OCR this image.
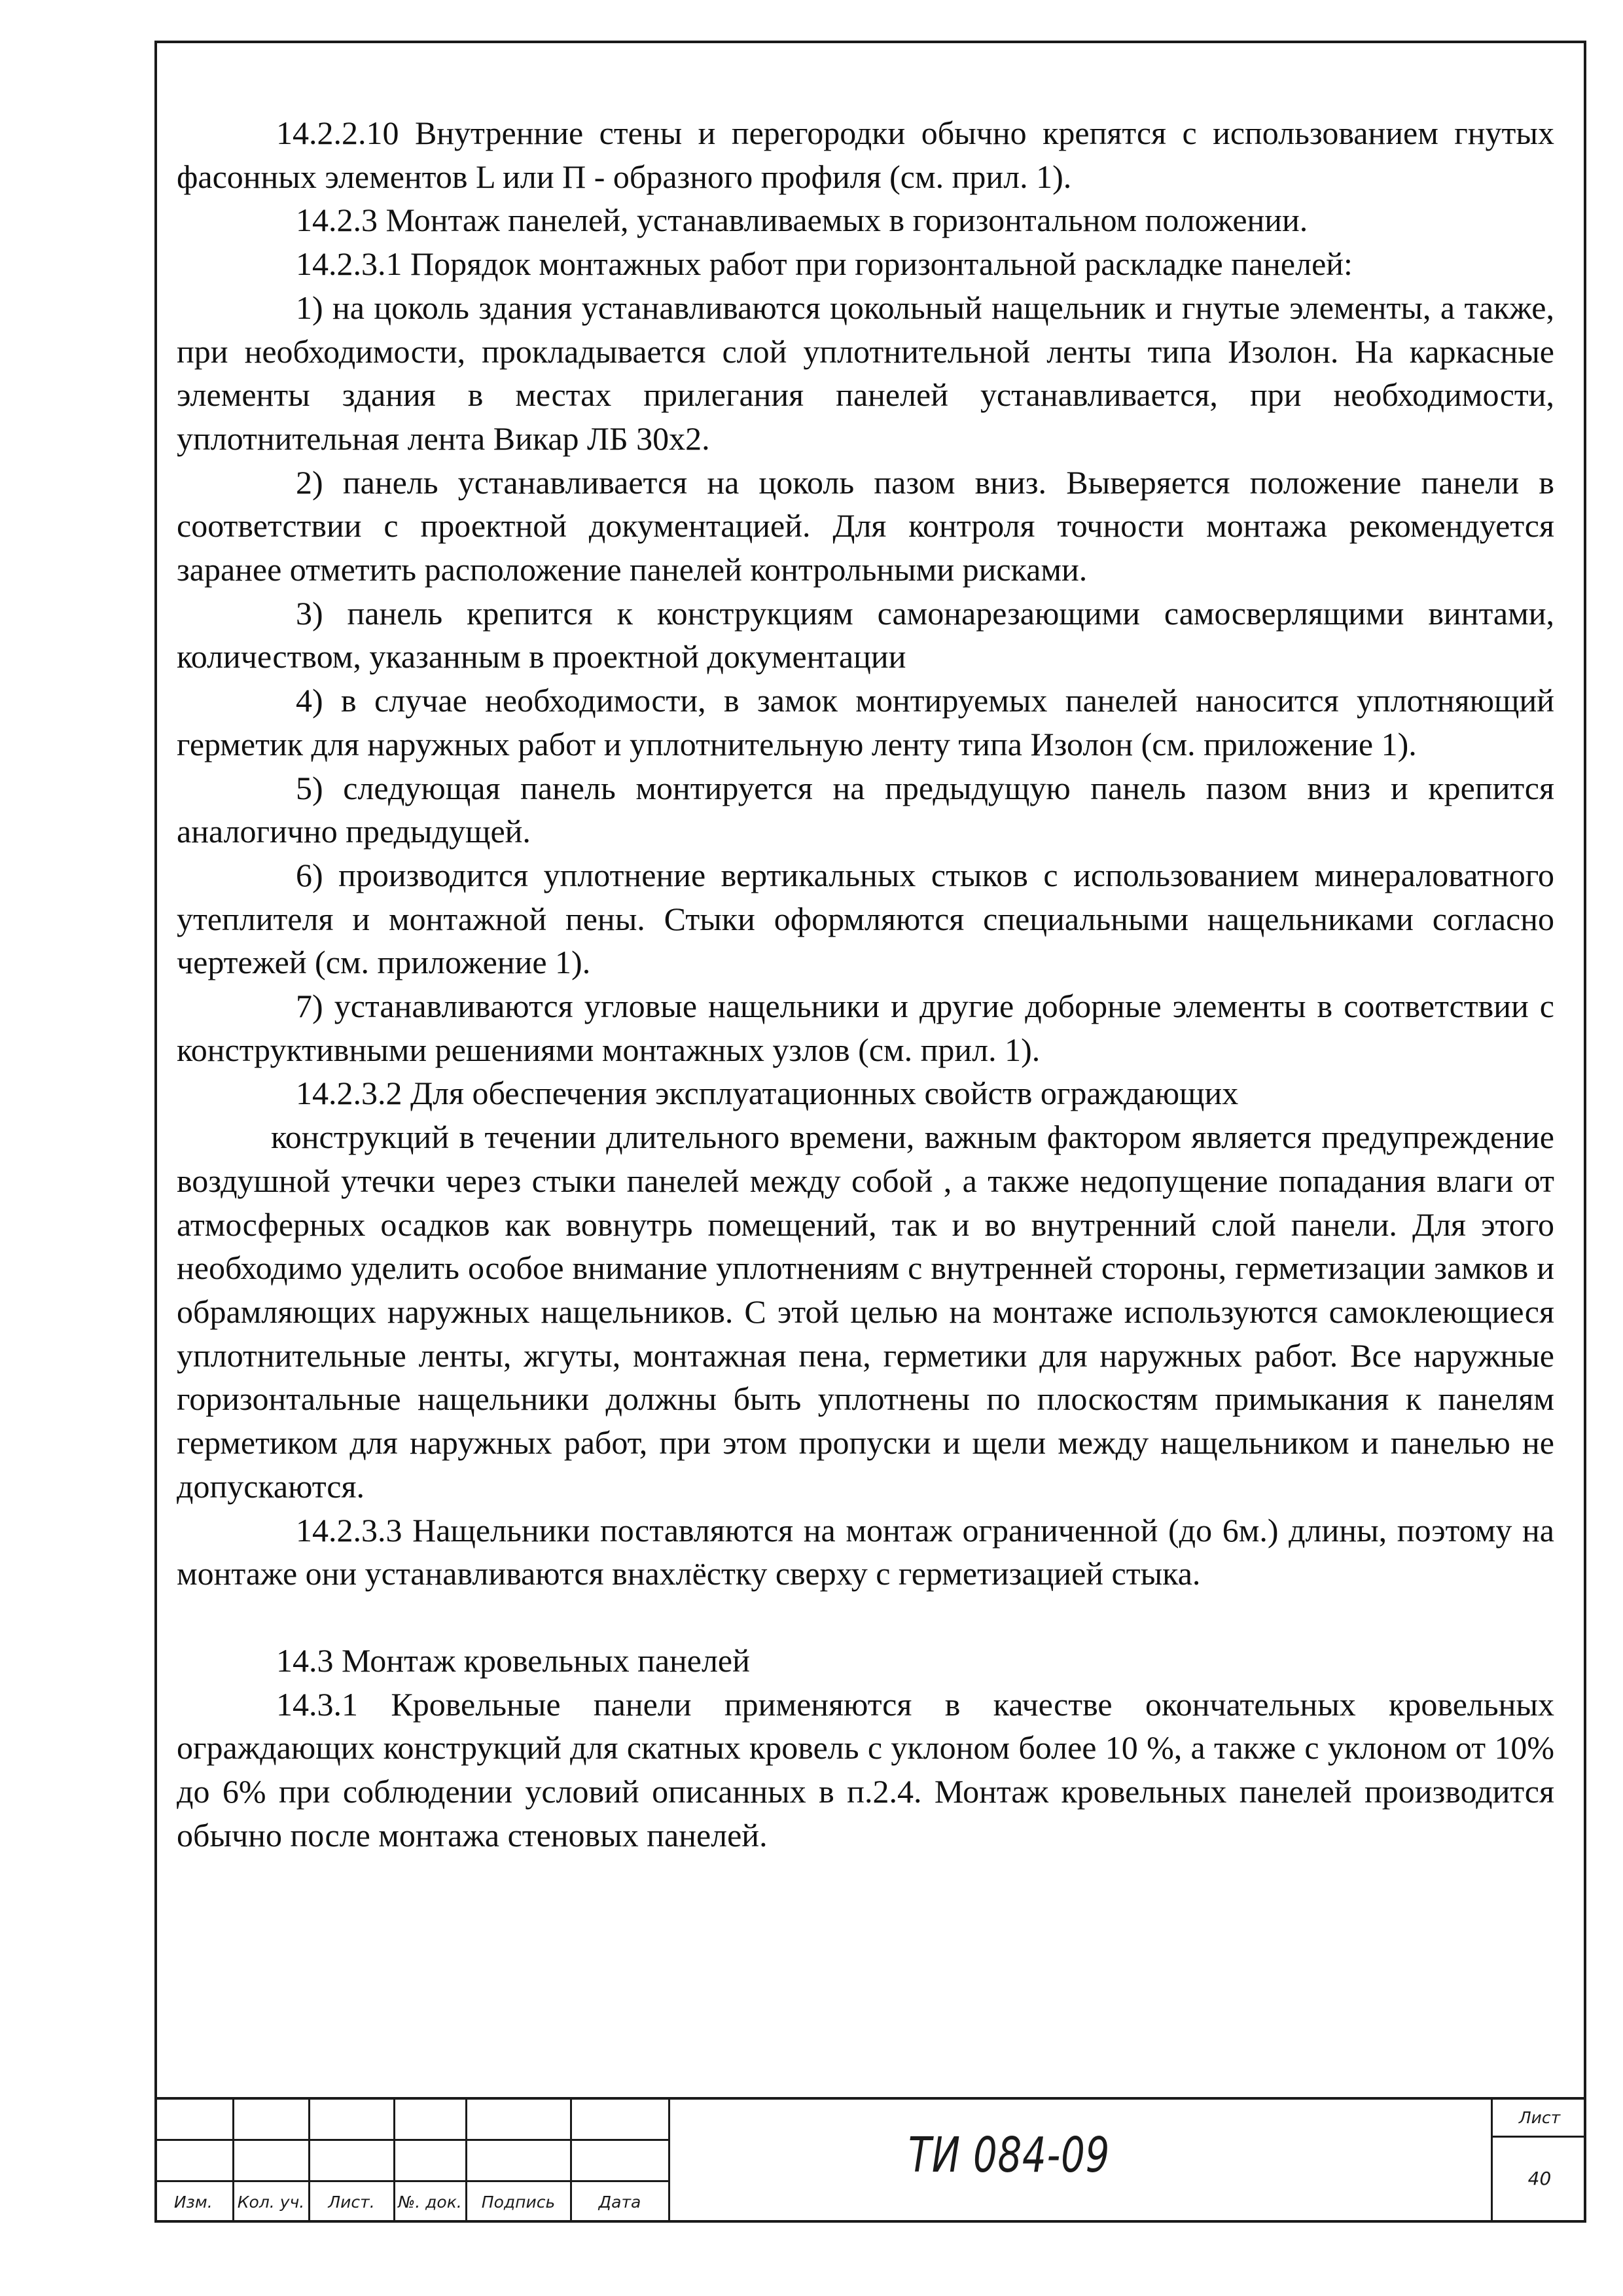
14.2.2.10 Внутренние стены и перегородки обычно крепятся с использованием гнутых фасонных элементов L или П - образного профиля (см. прил. 1).

14.2.3 Монтаж панелей, устанавливаемых в горизонтальном положении.

14.2.3.1 Порядок монтажных работ при горизонтальной раскладке панелей:

1) на цоколь здания устанавливаются цокольный нащельник и гнутые элементы, а также, при необходимости, прокладывается слой уплотнительной ленты типа Изолон. На каркасные элементы здания в местах прилегания панелей устанавливается, при необходимости, уплотнительная лента Викар ЛБ 30х2.

2) панель устанавливается на цоколь пазом вниз. Выверяется положение панели в соответствии с проектной документацией. Для контроля точности монтажа рекомендуется заранее отметить расположение панелей контрольными рисками.

3) панель крепится к конструкциям самонарезающими самосверлящими винтами, количеством, указанным в проектной документации

4) в случае необходимости, в замок монтируемых панелей наносится уплотняющий герметик для наружных работ и уплотнительную ленту типа Изолон (см. приложение 1).

5) следующая панель монтируется на предыдущую панель пазом вниз и крепится аналогично предыдущей.

6) производится уплотнение вертикальных стыков с использованием минераловатного утеплителя и монтажной пены. Стыки оформляются специальными нащельниками согласно чертежей (см. приложение 1).

7) устанавливаются угловые нащельники и другие доборные элементы в соответствии с конструктивными решениями монтажных узлов (см. прил. 1).

14.2.3.2 Для обеспечения эксплуатационных свойств ограждающих

конструкций в течении длительного времени, важным фактором является предупреждение воздушной утечки через стыки панелей между собой , а также недопущение попадания влаги от атмосферных осадков как вовнутрь помещений, так и во внутренний слой панели. Для этого необходимо уделить особое внимание уплотнениям с внутренней стороны, герметизации замков и обрамляющих наружных нащельников. С этой целью на монтаже используются самоклеющиеся уплотнительные ленты, жгуты, монтажная пена, герметики для наружных работ. Все наружные горизонтальные нащельники должны быть уплотнены по плоскостям примыкания к панелям герметиком для наружных работ, при этом пропуски и щели между нащельником и панелью не допускаются.

14.2.3.3 Нащельники поставляются на монтаж ограниченной (до 6м.) длины, поэтому на монтаже они устанавливаются внахлёстку сверху с герметизацией стыка.

14.3 Монтаж кровельных панелей

14.3.1 Кровельные панели применяются в качестве окончательных кровельных ограждающих конструкций для скатных кровель с уклоном более 10 %, а также с уклоном от 10% до 6% при соблюдении условий описанных в п.2.4. Монтаж кровельных панелей производится обычно после монтажа стеновых панелей.

Изм.	Кол. уч.	Лист.	№. док.	Подпись	Дата
ТИ 084-09
Лист
40
